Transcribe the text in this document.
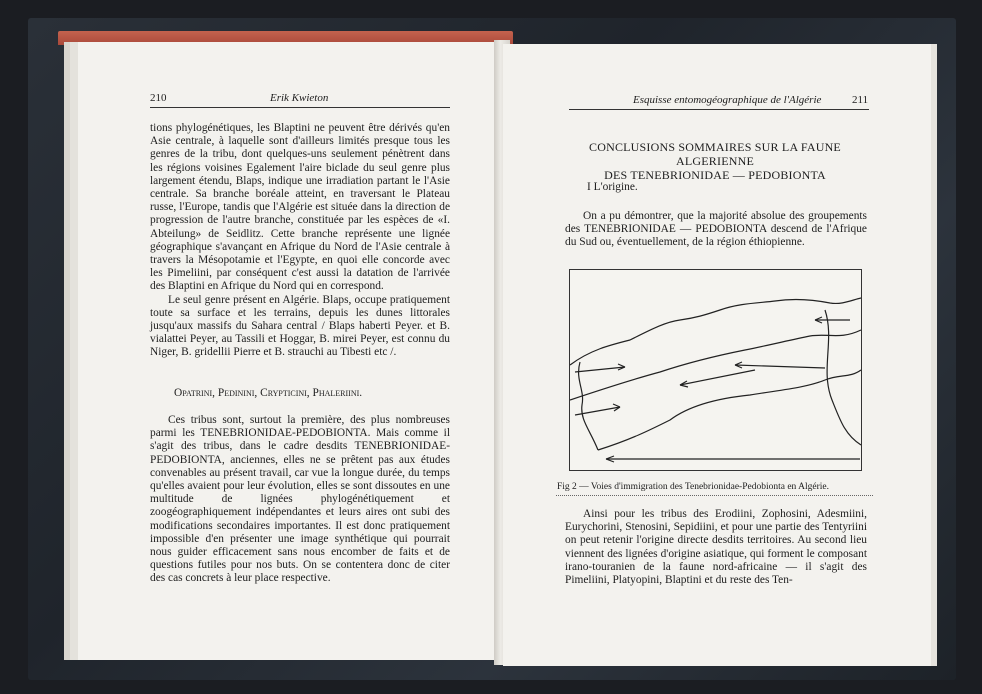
210	Erik Kwieton

tions phylogénétiques, les Blaptini ne peuvent être dérivés qu'en Asie centrale, à laquelle sont d'ailleurs limités presque tous les genres de la tribu, dont quelques-uns seulement pénètrent dans les régions voisines Egalement l'aire biclade du seul genre plus largement étendu, Blaps, indique une irradiation partant le l'Asie centrale. Sa branche boréale atteint, en traversant le Plateau russe, l'Europe, tandis que l'Algérie est située dans la direction de progression de l'autre branche, constituée par les espèces de «I. Abteilung» de Seidlitz. Cette branche représente une lignée géographique s'avançant en Afrique du Nord de l'Asie centrale à travers la Mésopotamie et l'Egypte, en quoi elle concorde avec les Pimeliini, par conséquent c'est aussi la datation de l'arrivée des Blaptini en Afrique du Nord qui en correspond.

Le seul genre présent en Algérie. Blaps, occupe pratiquement toute sa surface et les terrains, depuis les dunes littorales jusqu'aux massifs du Sahara central / Blaps haberti Peyer. et B. vialattei Peyer, au Tassili et Hoggar, B. mirei Peyer, est connu du Niger, B. gridellii Pierre et B. strauchi au Tibesti etc /.

Opatrini, Pedinini, Crypticini, Phaleriini.

Ces tribus sont, surtout la première, des plus nombreuses parmi les TENEBRIONIDAE-PEDOBIONTA. Mais comme il s'agit des tribus, dans le cadre desdits TENEBRIONIDAE-PEDOBIONTA, anciennes, elles ne se prêtent pas aux études convenables au présent travail, car vue la longue durée, du temps qu'elles avaient pour leur évolution, elles se sont dissoutes en une multitude de lignées phylogénétiquement et zoogéographiquement indépendantes et leurs aires ont subi des modifications secondaires importantes. Il est donc pratiquement impossible d'en présenter une image synthétique qui pourrait nous guider efficacement sans nous encomber de faits et de questions futiles pour nos buts. On se contentera donc de citer des cas concrets à leur place respective.

Esquisse entomogéographique de l'Algérie	211
CONCLUSIONS SOMMAIRES SUR LA FAUNE ALGERIENNE
DES TENEBRIONIDAE — PEDOBIONTA
I L'origine.

On a pu démontrer, que la majorité absolue des groupements des TENEBRIONIDAE — PEDOBIONTA descend de l'Afrique du Sud ou, éventuellement, de la région éthiopienne.

Fig 2 — Voies d'immigration des Tenebrionidae-Pedobionta en Algérie.

Ainsi pour les tribus des Erodiini, Zophosini, Adesmiini, Eurychorini, Stenosini, Sepidiini, et pour une partie des Tentyriini on peut retenir l'origine directe desdits territoires. Au second lieu viennent des lignées d'origine asiatique, qui forment le composant irano-touranien de la faune nord-africaine — il s'agit des Pimeliini, Platyopini, Blaptini et du reste des Ten-
